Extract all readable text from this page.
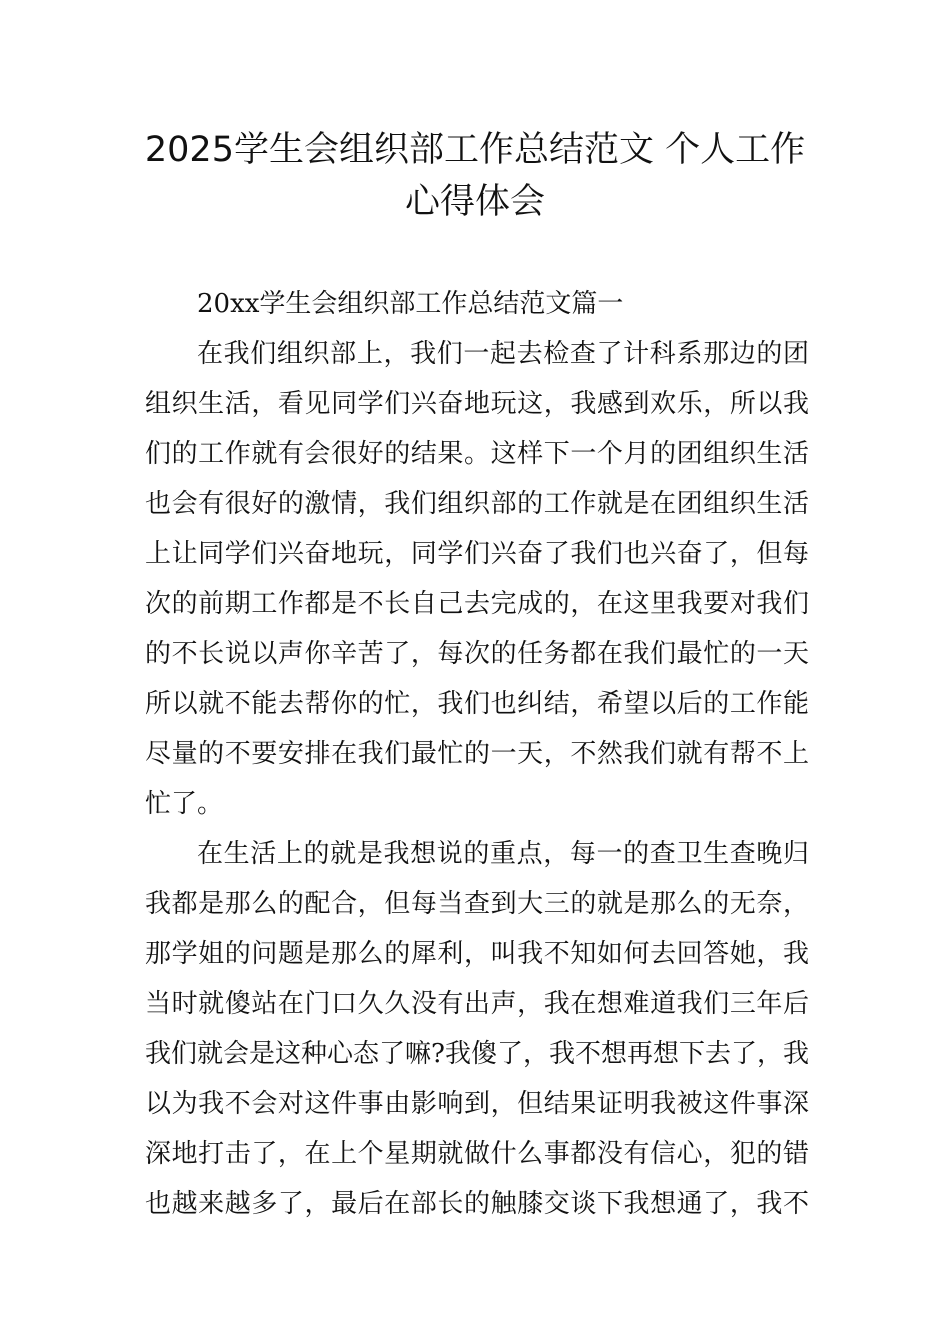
2025学生会组织部工作总结范文 个人工作
心得体会
20xx学生会组织部工作总结范文篇一
在我们组织部上，我们一起去检查了计科系那边的团
组织生活，看见同学们兴奋地玩这，我感到欢乐，所以我
们的工作就有会很好的结果。这样下一个月的团组织生活
也会有很好的激情，我们组织部的工作就是在团组织生活
上让同学们兴奋地玩，同学们兴奋了我们也兴奋了，但每
次的前期工作都是不长自己去完成的，在这里我要对我们
的不长说以声你辛苦了，每次的任务都在我们最忙的一天
所以就不能去帮你的忙，我们也纠结，希望以后的工作能
尽量的不要安排在我们最忙的一天，不然我们就有帮不上
忙了。
在生活上的就是我想说的重点，每一的查卫生查晚归
我都是那么的配合，但每当查到大三的就是那么的无奈，
那学姐的问题是那么的犀利，叫我不知如何去回答她，我
当时就傻站在门口久久没有出声，我在想难道我们三年后
我们就会是这种心态了嘛?我傻了，我不想再想下去了，我
以为我不会对这件事由影响到，但结果证明我被这件事深
深地打击了，在上个星期就做什么事都没有信心，犯的错
也越来越多了，最后在部长的触膝交谈下我想通了，我不
